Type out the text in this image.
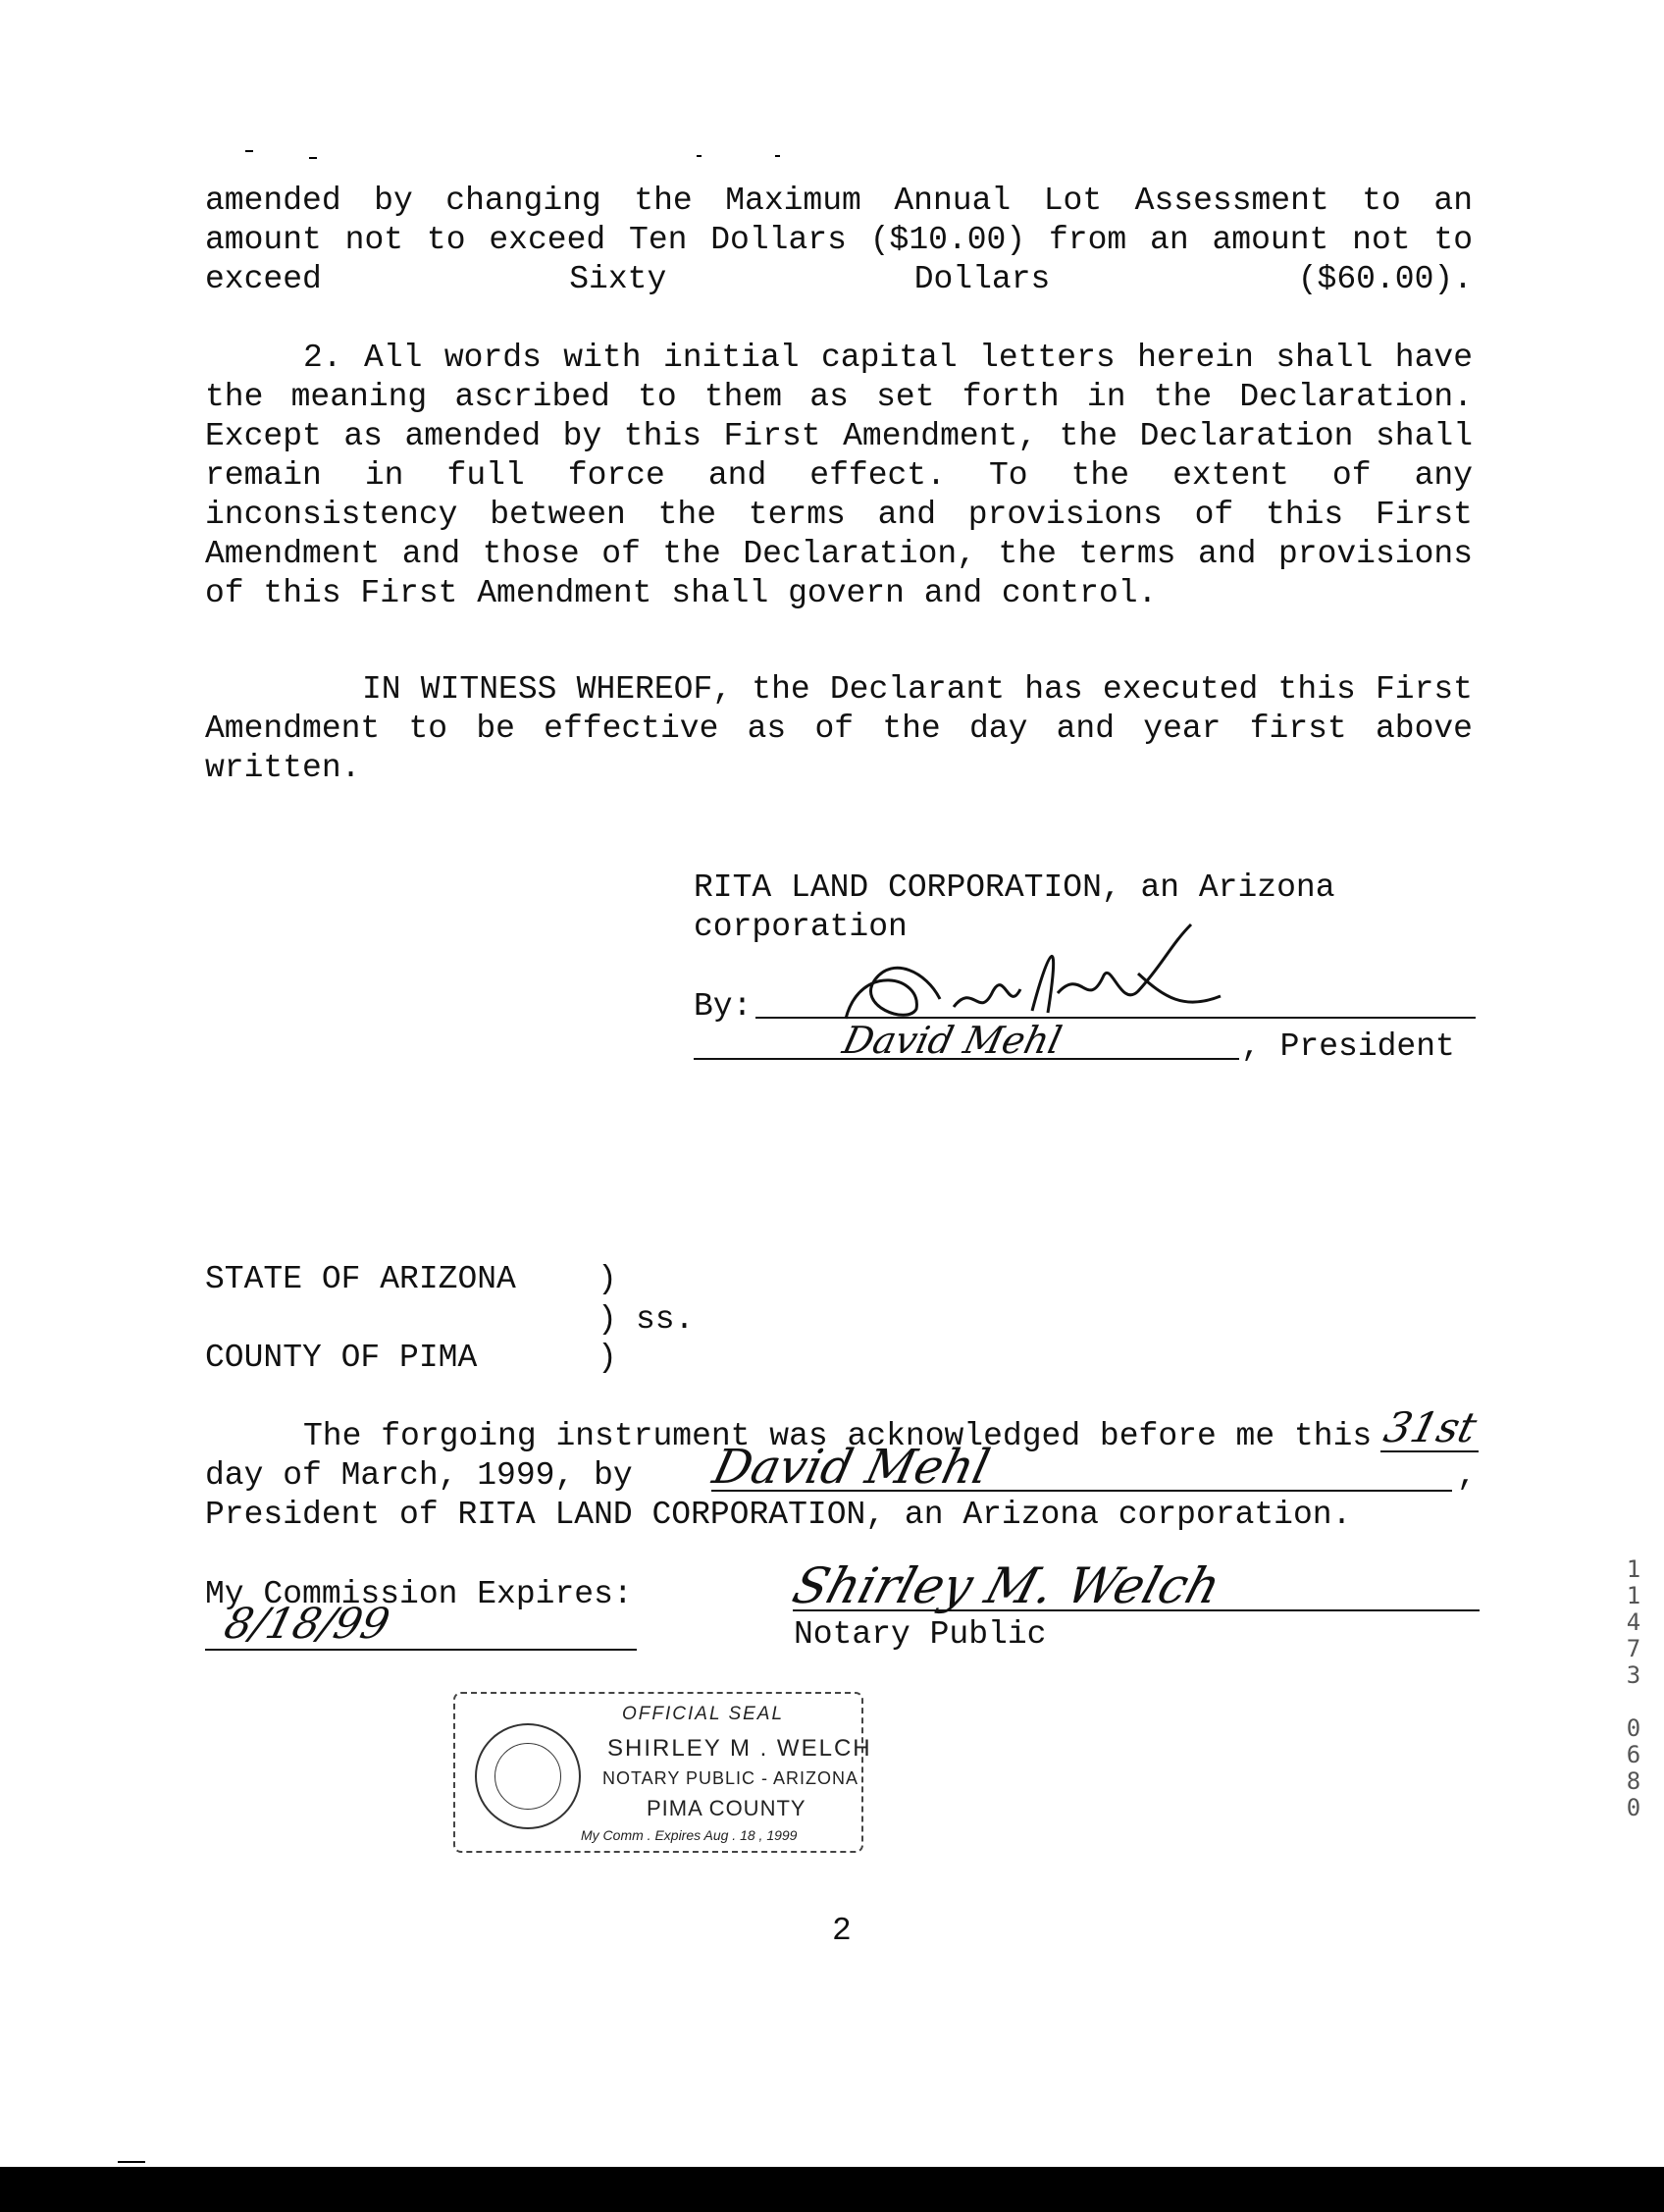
amended by changing the Maximum Annual Lot Assessment to an amount not to exceed Ten Dollars ($10.00) from an amount not to exceed Sixty Dollars ($60.00).
2. All words with initial capital letters herein shall have the meaning ascribed to them as set forth in the Declaration. Except as amended by this First Amendment, the Declaration shall remain in full force and effect. To the extent of any inconsistency between the terms and provisions of this First Amendment and those of the Declaration, the terms and provisions of this First Amendment shall govern and control.
IN WITNESS WHEREOF, the Declarant has executed this First Amendment to be effective as of the day and year first above written.
RITA LAND CORPORATION, an Arizona
corporation
By:
David Mehl	, President
STATE OF ARIZONA	)
) ss.
COUNTY OF PIMA	)
The forgoing instrument was acknowledged before me this 31st
day of March, 1999, by	David Mehl	,
President of RITA LAND CORPORATION, an Arizona corporation.
My Commission Expires:
8/18/99
Shirley M. Welch
Notary Public
OFFICIAL SEAL
SHIRLEY M . WELCH
NOTARY PUBLIC - ARIZONA
PIMA COUNTY
My Comm . Expires Aug . 18 , 1999
2
1
1
4
7
3

0
6
8
0
